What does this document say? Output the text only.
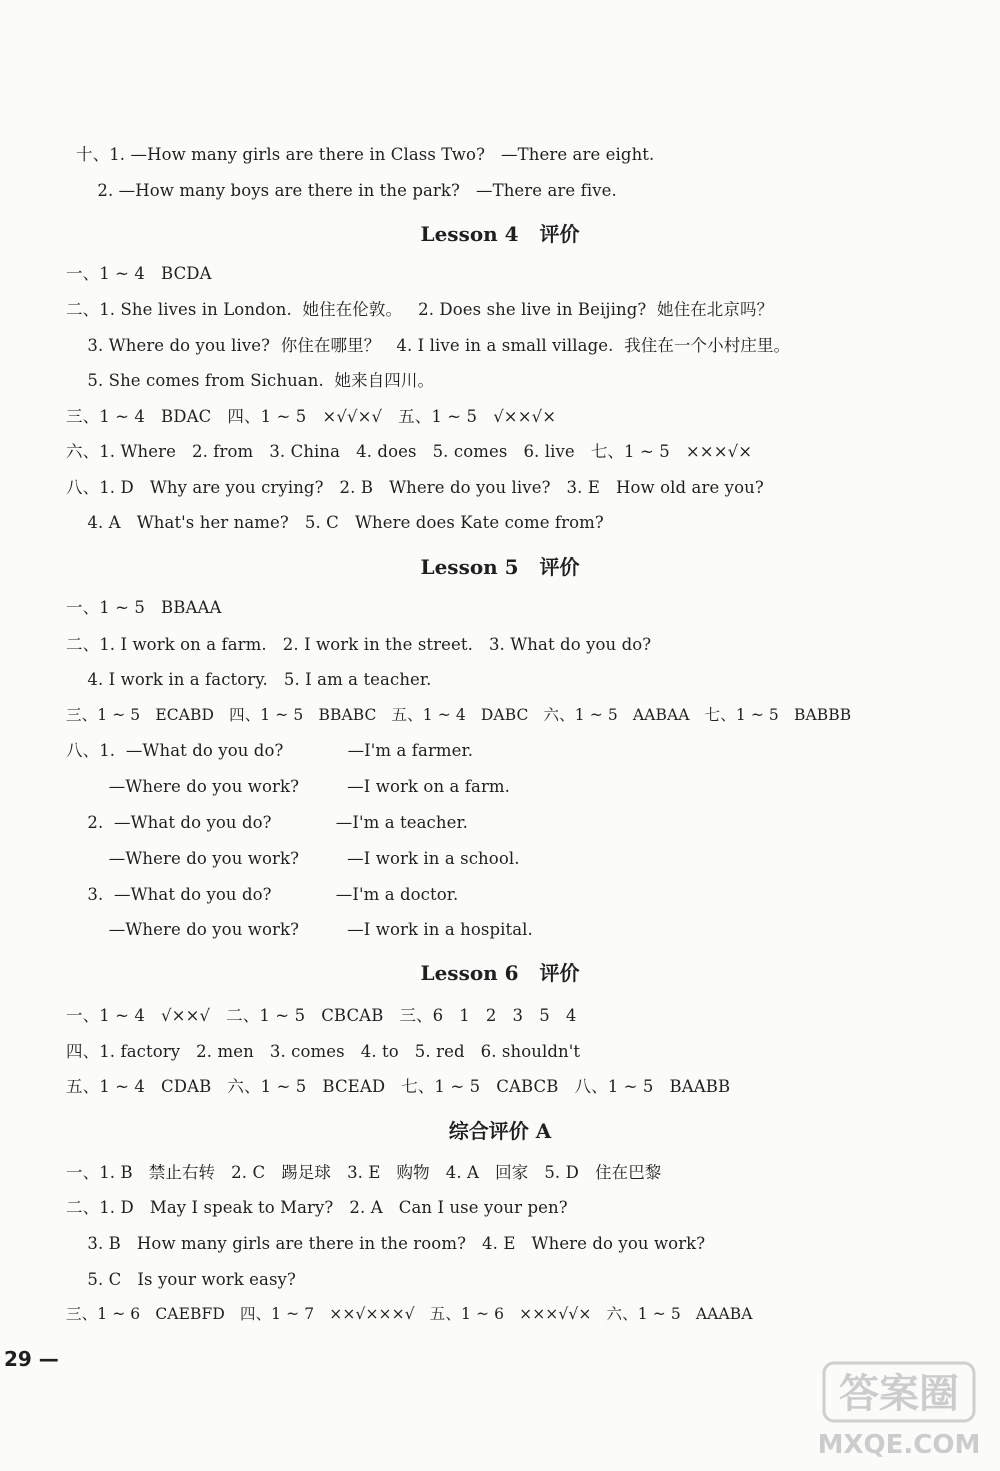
十、1. —How many girls are there in Class Two?   —There are eight.
2. —How many boys are there in the park?   —There are five.
Lesson 4   评价
一、1 ~ 4   BCDA
二、1. She lives in London.  她住在伦敦。   2. Does she live in Beijing?  她住在北京吗？
3. Where do you live?  你住在哪里？   4. I live in a small village.  我住在一个小村庄里。
5. She comes from Sichuan.  她来自四川。
三、1 ~ 4   BDAC   四、1 ~ 5   ×√√×√   五、1 ~ 5   √××√×
六、1. Where   2. from   3. China   4. does   5. comes   6. live   七、1 ~ 5   ×××√×
八、1. D   Why are you crying?   2. B   Where do you live?   3. E   How old are you?
4. A   What's her name?   5. C   Where does Kate come from?
Lesson 5   评价
一、1 ~ 5   BBAAA
二、1. I work on a farm.   2. I work in the street.   3. What do you do?
4. I work in a factory.   5. I am a teacher.
三、1 ~ 5   ECABD   四、1 ~ 5   BBABC   五、1 ~ 4   DABC   六、1 ~ 5   AABAA   七、1 ~ 5   BABBB
八、1.  —What do you do?            —I'm a farmer.
—Where do you work?         —I work on a farm.
2.  —What do you do?            —I'm a teacher.
—Where do you work?         —I work in a school.
3.  —What do you do?            —I'm a doctor.
—Where do you work?         —I work in a hospital.
Lesson 6   评价
一、1 ~ 4   √××√   二、1 ~ 5   CBCAB   三、6   1   2   3   5   4
四、1. factory   2. men   3. comes   4. to   5. red   6. shouldn't
五、1 ~ 4   CDAB   六、1 ~ 5   BCEAD   七、1 ~ 5   CABCB   八、1 ~ 5   BAABB
综合评价 A
一、1. B   禁止右转   2. C   踢足球   3. E   购物   4. A   回家   5. D   住在巴黎
二、1. D   May I speak to Mary?   2. A   Can I use your pen?
3. B   How many girls are there in the room?   4. E   Where do you work?
5. C   Is your work easy?
三、1 ~ 6   CAEBFD   四、1 ~ 7   ××√×××√   五、1 ~ 6   ×××√√×   六、1 ~ 5   AAABA
29 —
答案圈
MXQE.COM
